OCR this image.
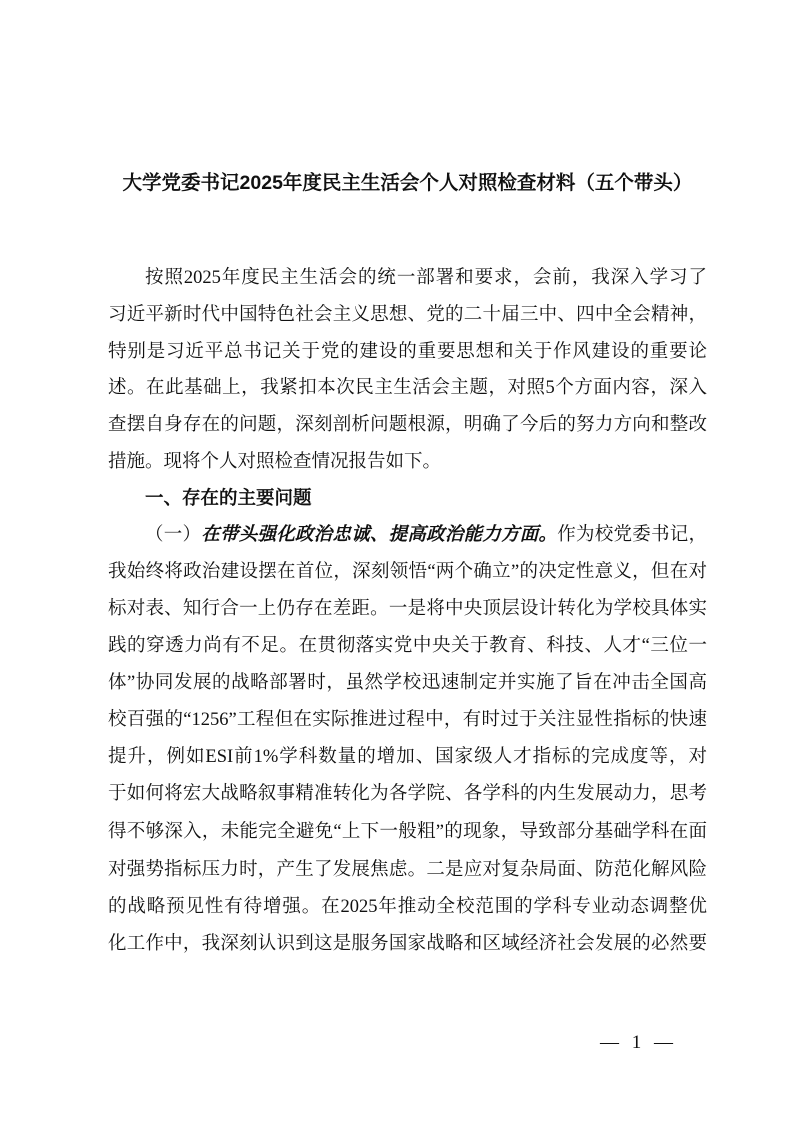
大学党委书记2025年度民主生活会个人对照检查材料（五个带头）
按照2025年度民主生活会的统一部署和要求，会前，我深入学习了
习近平新时代中国特色社会主义思想、党的二十届三中、四中全会精神，
特别是习近平总书记关于党的建设的重要思想和关于作风建设的重要论
述。在此基础上，我紧扣本次民主生活会主题，对照5个方面内容，深入
查摆自身存在的问题，深刻剖析问题根源，明确了今后的努力方向和整改
措施。现将个人对照检查情况报告如下。
一、存在的主要问题
（一）在带头强化政治忠诚、提高政治能力方面。作为校党委书记，
我始终将政治建设摆在首位，深刻领悟“两个确立”的决定性意义，但在对
标对表、知行合一上仍存在差距。一是将中央顶层设计转化为学校具体实
践的穿透力尚有不足。在贯彻落实党中央关于教育、科技、人才“三位一
体”协同发展的战略部署时，虽然学校迅速制定并实施了旨在冲击全国高
校百强的“1256”工程但在实际推进过程中，有时过于关注显性指标的快速
提升，例如ESI前1%学科数量的增加、国家级人才指标的完成度等，对
于如何将宏大战略叙事精准转化为各学院、各学科的内生发展动力，思考
得不够深入，未能完全避免“上下一般粗”的现象，导致部分基础学科在面
对强势指标压力时，产生了发展焦虑。二是应对复杂局面、防范化解风险
的战略预见性有待增强。在2025年推动全校范围的学科专业动态调整优
化工作中，我深刻认识到这是服务国家战略和区域经济社会发展的必然要
— 1 —
